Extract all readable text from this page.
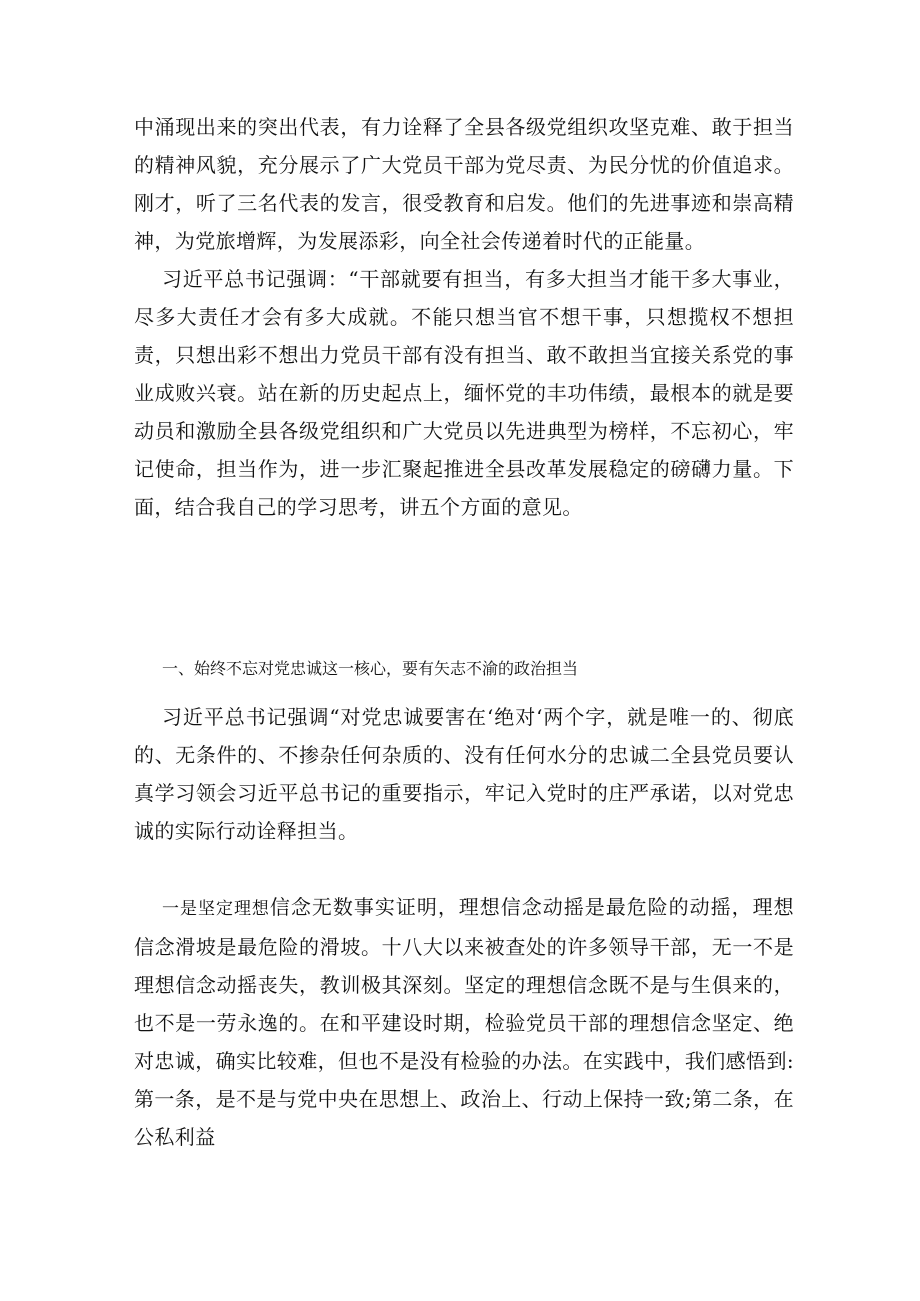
中涌现出来的突出代表，有力诠释了全县各级党组织攻坚克难、敢于担当的精神风貌，充分展示了广大党员干部为党尽责、为民分忧的价值追求。刚才，听了三名代表的发言，很受教育和启发。他们的先进事迹和崇高精神，为党旅增辉，为发展添彩，向全社会传递着时代的正能量。

习近平总书记强调：“干部就要有担当，有多大担当才能干多大事业，尽多大责任才会有多大成就。不能只想当官不想干事，只想揽权不想担责，只想出彩不想出力党员干部有没有担当、敢不敢担当宜接关系党的事业成败兴衰。站在新的历史起点上，缅怀党的丰功伟绩，最根本的就是要动员和激励全县各级党组织和广大党员以先进典型为榜样，不忘初心，牢记使命，担当作为，进一步汇聚起推进全县改革发展稳定的磅礴力量。下面，结合我自己的学习思考，讲五个方面的意见。

一、始终不忘对党忠诚这一核心，要有矢志不渝的政治担当

习近平总书记强调“对党忠诚要害在‘绝对‘两个字，就是唯一的、彻底的、无条件的、不掺杂任何杂质的、没有任何水分的忠诚二全县党员要认真学习领会习近平总书记的重要指示，牢记入党时的庄严承诺，以对党忠诚的实际行动诠释担当。

一是坚定理想信念无数事实证明，理想信念动摇是最危险的动摇，理想信念滑坡是最危险的滑坡。十八大以来被查处的许多领导干部，无一不是理想信念动摇丧失，教训极其深刻。坚定的理想信念既不是与生俱来的，也不是一劳永逸的。在和平建设时期，检验党员干部的理想信念坚定、绝对忠诚，确实比较难，但也不是没有检验的办法。在实践中，我们感悟到:第一条，是不是与党中央在思想上、政治上、行动上保持一致;第二条，在公私利益
